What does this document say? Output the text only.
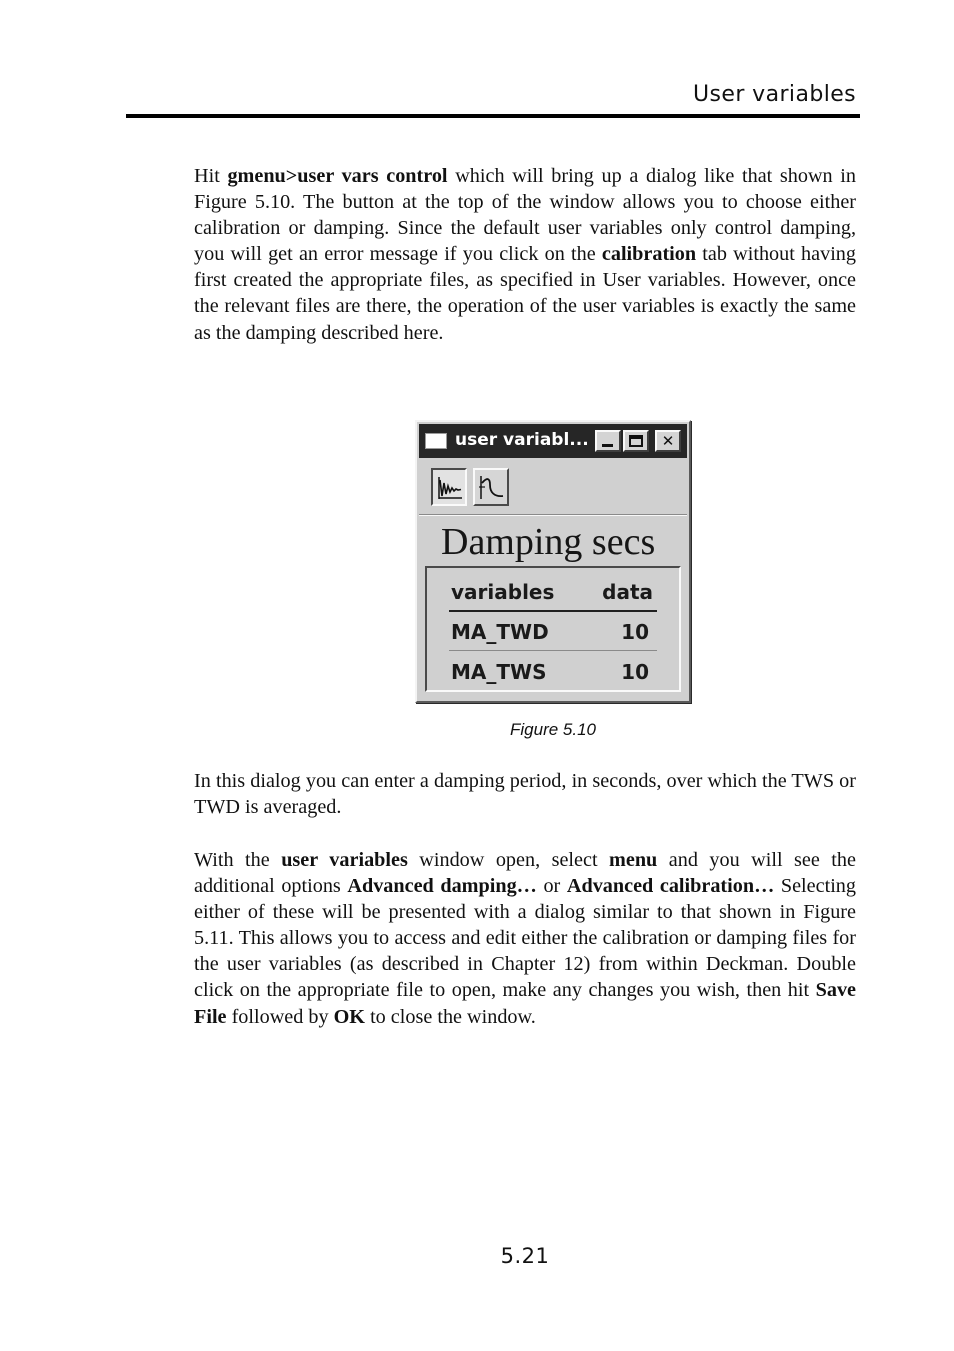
User variables

Hit gmenu>user vars control which will bring up a dialog like that shown in Figure 5.10. The button at the top of the window allows you to choose either calibration or damping. Since the default user variables only control damping, you will get an error message if you click on the calibration tab without having first created the appropriate files, as specified in User variables. However, once the relevant files are there, the operation of the user variables is exactly the same as the damping described here.

user variabl...	✕
Damping secs
variables data
MA_TWD	10
MA_TWS	10
Figure 5.10

In this dialog you can enter a damping period, in seconds, over which the TWS or TWD is averaged.

With the user variables window open, select menu and you will see the additional options Advanced damping… or Advanced calibration… Selecting either of these will be presented with a dialog similar to that shown in Figure 5.11. This allows you to access and edit either the calibration or damping files for the user variables (as described in Chapter 12) from within Deckman. Double click on the appropriate file to open, make any changes you wish, then hit Save File followed by OK to close the window.

5.21
